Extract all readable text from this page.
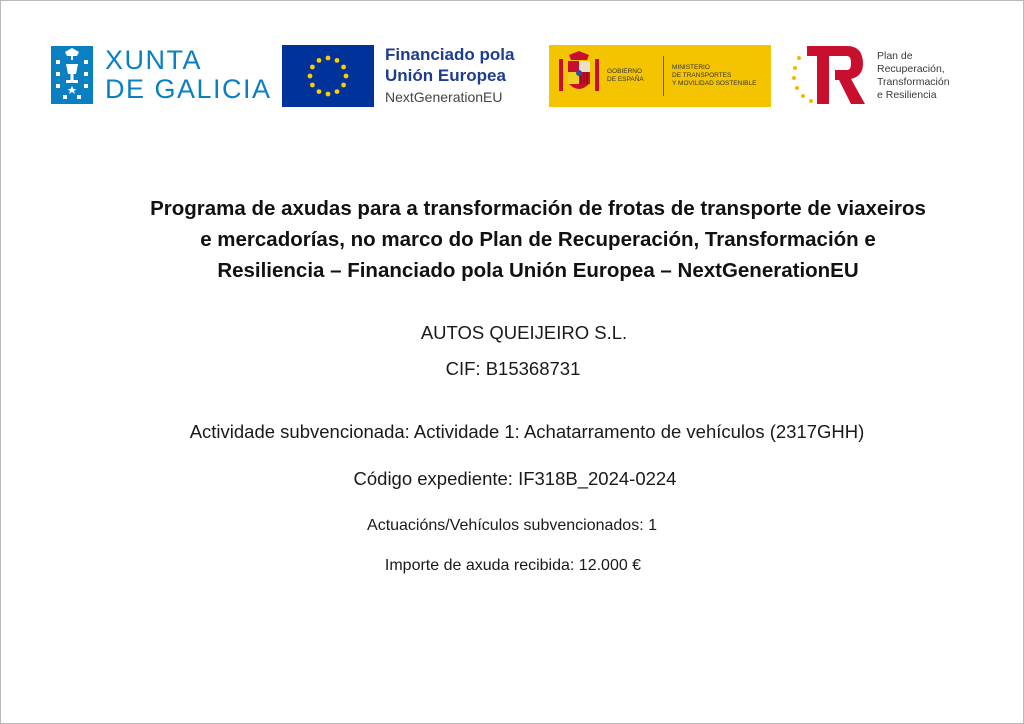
XUNTA
DE GALICIA
Financiado pola
Unión Europea
NextGenerationEU
GOBIERNO
DE ESPAÑA
MINISTERIO
DE TRANSPORTES
Y MOVILIDAD SOSTENIBLE
Plan de
Recuperación,
Transformación
e Resiliencia
Programa de axudas para a transformación de frotas de transporte de viaxeiros
e mercadorías, no marco do Plan de Recuperación, Transformación e
Resiliencia – Financiado pola Unión Europea – NextGenerationEU
AUTOS QUEIJEIRO S.L.
CIF: B15368731
Actividade subvencionada: Actividade 1: Achatarramento de vehículos (2317GHH)
Código expediente: IF318B_2024-0224
Actuacións/Vehículos subvencionados: 1
Importe de axuda recibida: 12.000 €
